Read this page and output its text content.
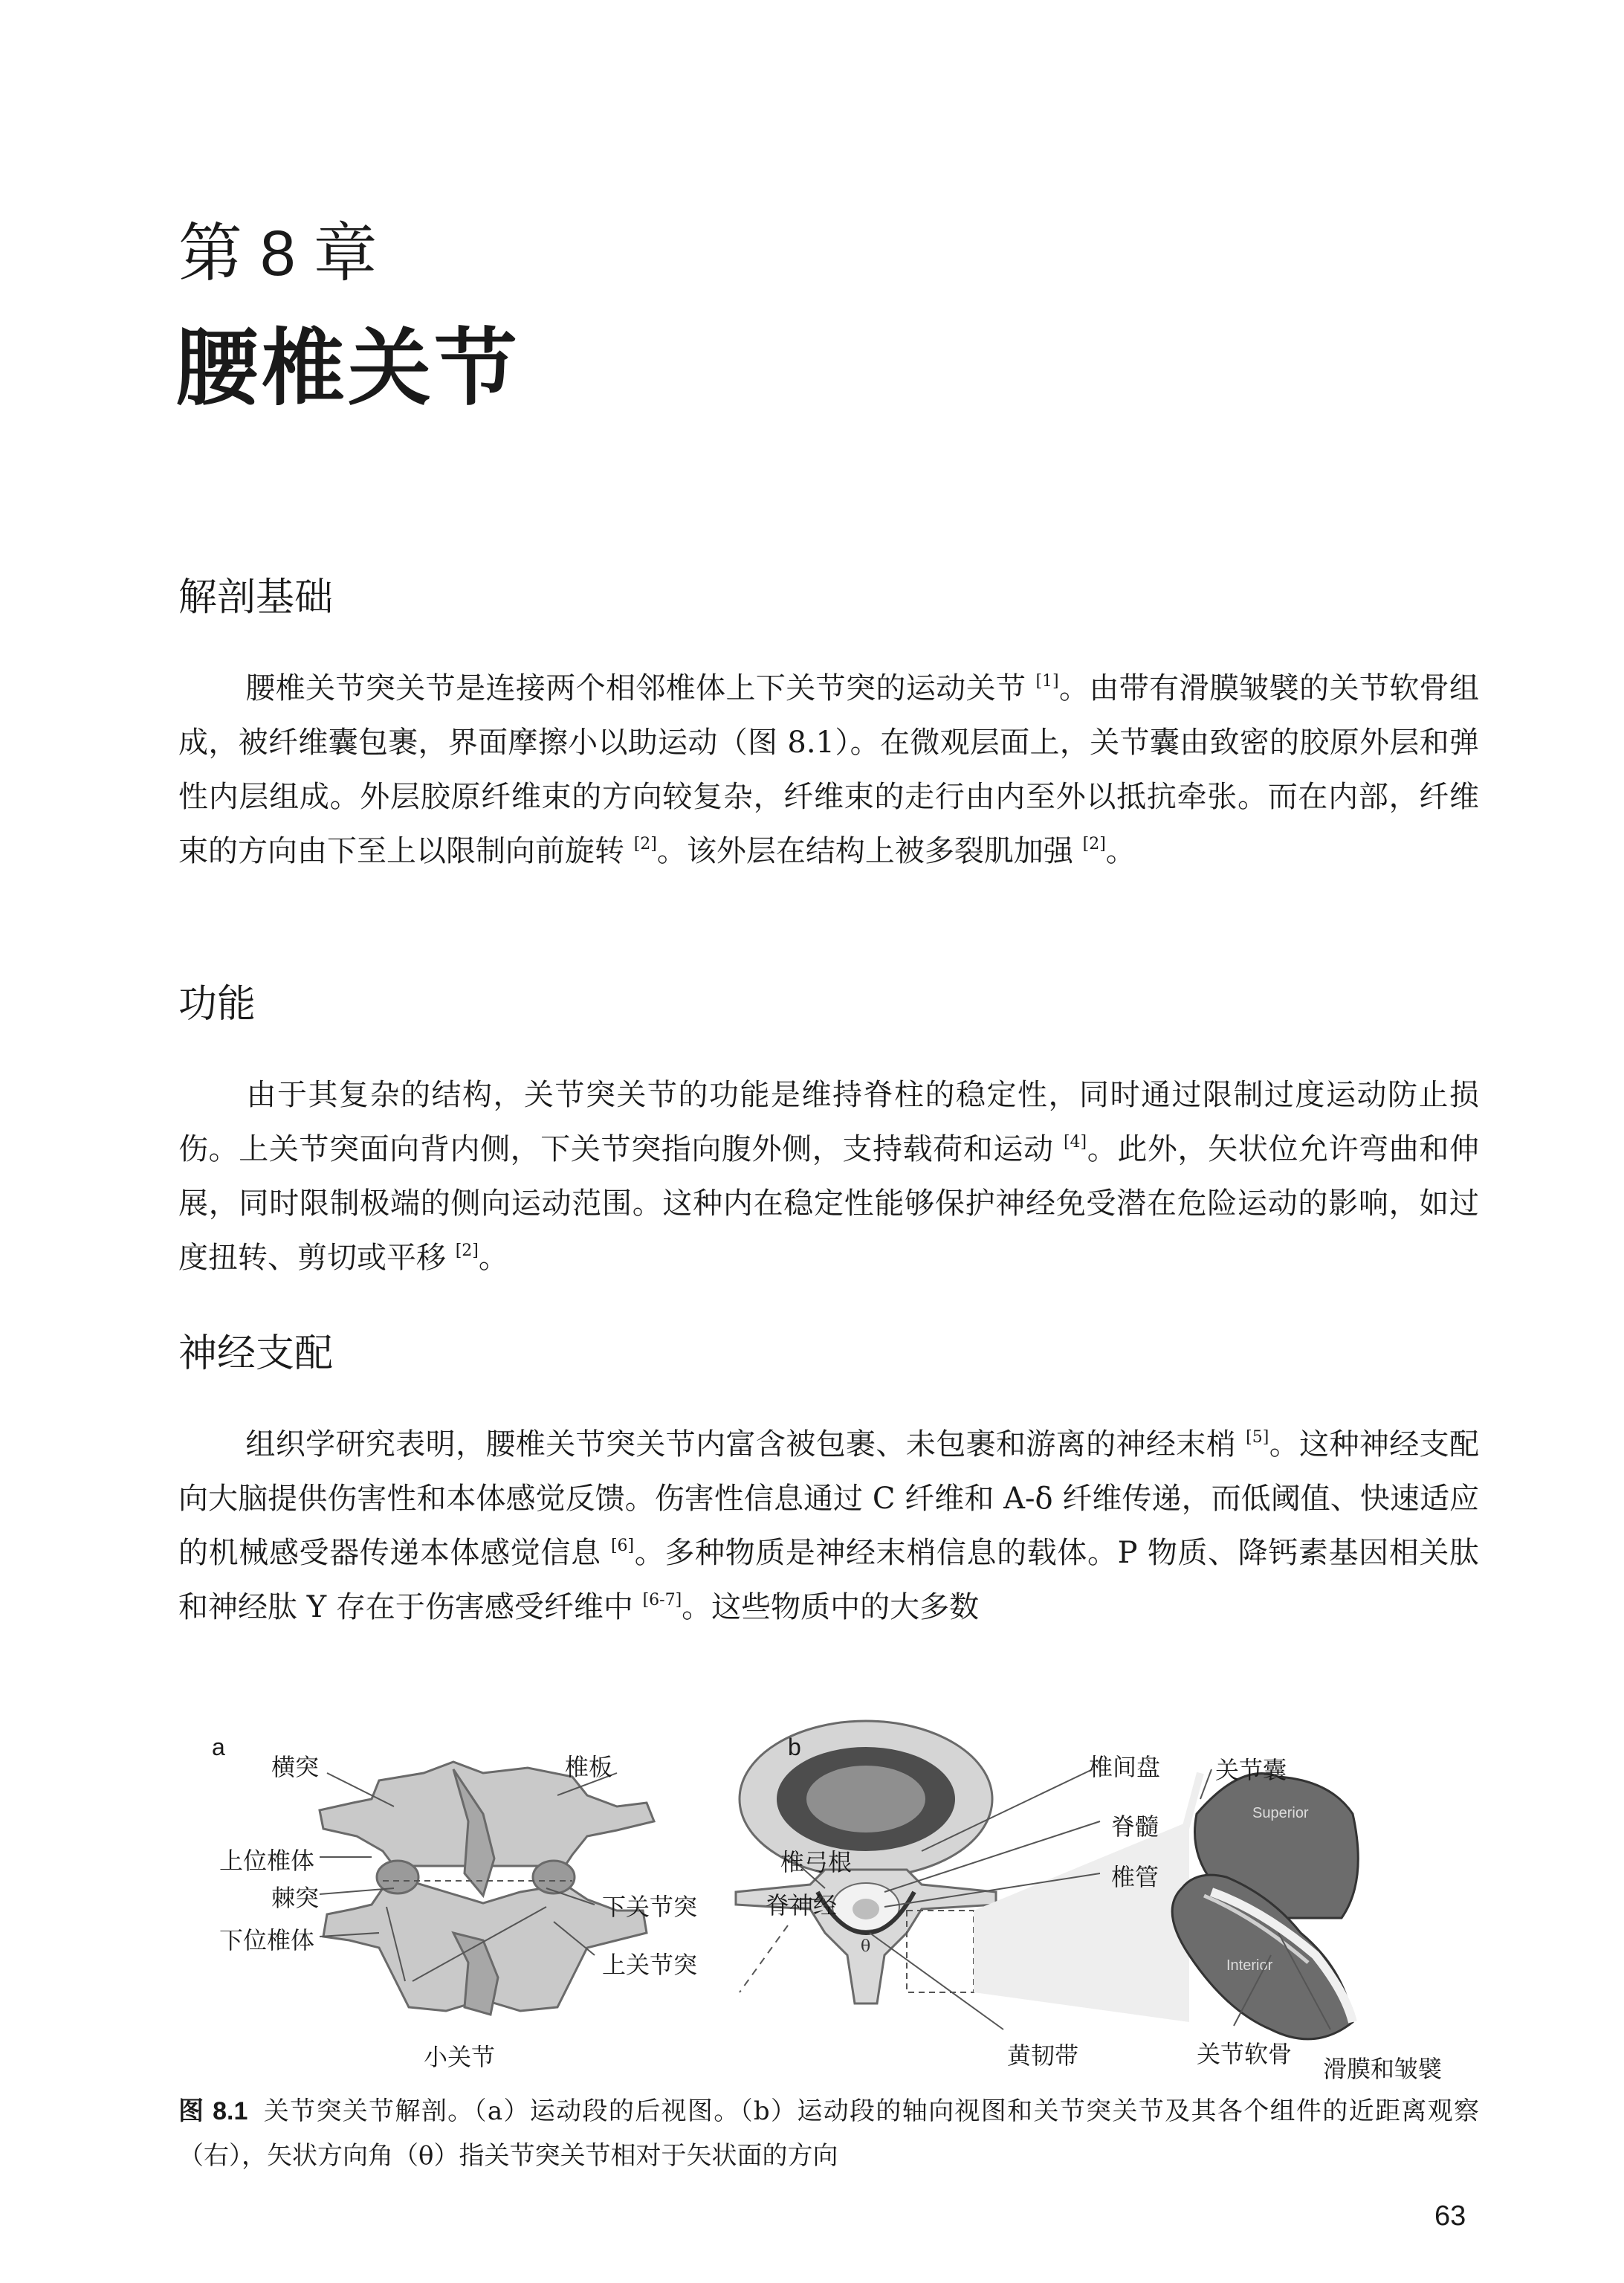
第 8 章
腰椎关节
解剖基础

腰椎关节突关节是连接两个相邻椎体上下关节突的运动关节 [1]。由带有滑膜皱襞的关节软骨组成，被纤维囊包裹，界面摩擦小以助运动（图 8.1）。在微观层面上，关节囊由致密的胶原外层和弹性内层组成。外层胶原纤维束的方向较复杂，纤维束的走行由内至外以抵抗牵张。而在内部，纤维束的方向由下至上以限制向前旋转 [2]。该外层在结构上被多裂肌加强 [2]。

功能

由于其复杂的结构，关节突关节的功能是维持脊柱的稳定性，同时通过限制过度运动防止损伤。上关节突面向背内侧，下关节突指向腹外侧，支持载荷和运动 [4]。此外，矢状位允许弯曲和伸展，同时限制极端的侧向运动范围。这种内在稳定性能够保护神经免受潜在危险运动的影响，如过度扭转、剪切或平移 [2]。

神经支配

组织学研究表明，腰椎关节突关节内富含被包裹、未包裹和游离的神经末梢 [5]。这种神经支配向大脑提供伤害性和本体感觉反馈。伤害性信息通过 C 纤维和 A-δ 纤维传递，而低阈值、快速适应的机械感受器传递本体感觉信息 [6]。多种物质是神经末梢信息的载体。P 物质、降钙素基因相关肽和神经肽 Y 存在于伤害感受纤维中 [6-7]。这些物质中的大多数

Superior
Interior
θ
a
横突	椎板
上位椎体
棘突	下关节突
下位椎体
上关节突
小关节
b
椎间盘 关节囊
脊髓
椎弓根
椎管
脊神经
黄韧带	关节软骨
滑膜和皱襞

图 8.1 关节突关节解剖。（a）运动段的后视图。（b）运动段的轴向视图和关节突关节及其各个组件的近距离观察（右），矢状方向角（θ）指关节突关节相对于矢状面的方向

63
